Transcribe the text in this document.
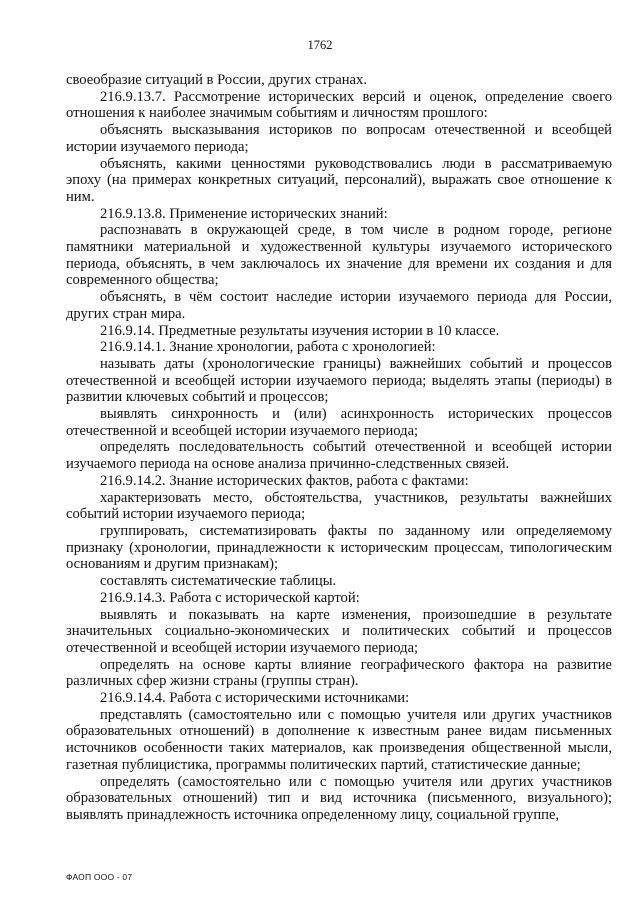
1762

своеобразие ситуаций в России, других странах.

216.9.13.7. Рассмотрение исторических версий и оценок, определение своего отношения к наиболее значимым событиям и личностям прошлого:

объяснять высказывания историков по вопросам отечественной и всеобщей истории изучаемого периода;

объяснять, какими ценностями руководствовались люди в рассматриваемую эпоху (на примерах конкретных ситуаций, персоналий), выражать свое отношение к ним.

216.9.13.8. Применение исторических знаний:

распознавать в окружающей среде, в том числе в родном городе, регионе памятники материальной и художественной культуры изучаемого исторического периода, объяснять, в чем заключалось их значение для времени их создания и для современного общества;

объяснять, в чём состоит наследие истории изучаемого периода для России, других стран мира.

216.9.14. Предметные результаты изучения истории в 10 классе.

216.9.14.1. Знание хронологии, работа с хронологией:

называть даты (хронологические границы) важнейших событий и процессов отечественной и всеобщей истории изучаемого периода; выделять этапы (периоды) в развитии ключевых событий и процессов;

выявлять синхронность и (или) асинхронность исторических процессов отечественной и всеобщей истории изучаемого периода;

определять последовательность событий отечественной и всеобщей истории изучаемого периода на основе анализа причинно-следственных связей.

216.9.14.2. Знание исторических фактов, работа с фактами:

характеризовать место, обстоятельства, участников, результаты важнейших событий истории изучаемого периода;

группировать, систематизировать факты по заданному или определяемому признаку (хронологии, принадлежности к историческим процессам, типологическим основаниям и другим признакам);

составлять систематические таблицы.

216.9.14.3. Работа с исторической картой:

выявлять и показывать на карте изменения, произошедшие в результате значительных социально-экономических и политических событий и процессов отечественной и всеобщей истории изучаемого периода;

определять на основе карты влияние географического фактора на развитие различных сфер жизни страны (группы стран).

216.9.14.4. Работа с историческими источниками:

представлять (самостоятельно или с помощью учителя или других участников образовательных отношений) в дополнение к известным ранее видам письменных источников особенности таких материалов, как произведения общественной мысли, газетная публицистика, программы политических партий, статистические данные;

определять (самостоятельно или с помощью учителя или других участников образовательных отношений) тип и вид источника (письменного, визуального); выявлять принадлежность источника определенному лицу, социальной группе,

ФАОП ООО - 07
